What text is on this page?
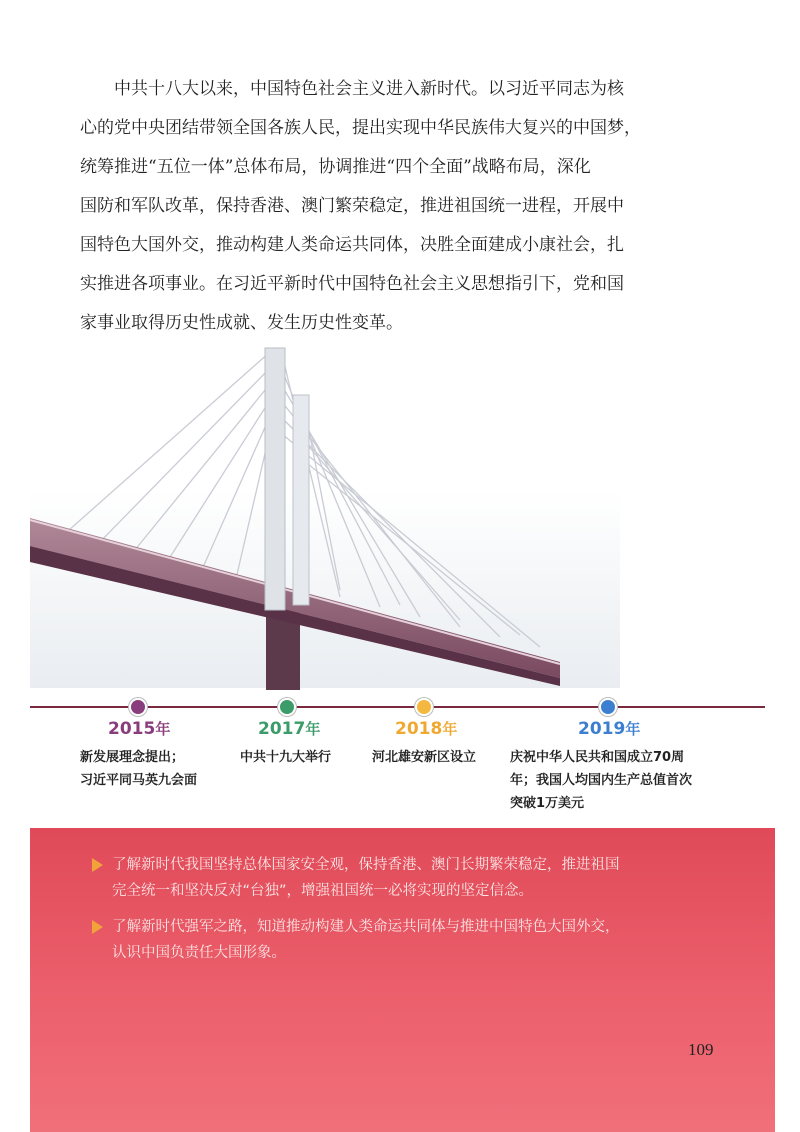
中共十八大以来，中国特色社会主义进入新时代。以习近平同志为核
心的党中央团结带领全国各族人民，提出实现中华民族伟大复兴的中国梦，
统筹推进“五位一体”总体布局，协调推进“四个全面”战略布局，深化
国防和军队改革，保持香港、澳门繁荣稳定，推进祖国统一进程，开展中
国特色大国外交，推动构建人类命运共同体，决胜全面建成小康社会，扎
实推进各项事业。在习近平新时代中国特色社会主义思想指引下，党和国
家事业取得历史性成就、发生历史性变革。
2015年
新发展理念提出；
习近平同马英九会面
2017年
中共十九大举行
2018年
河北雄安新区设立
2019年
庆祝中华人民共和国成立70周
年；我国人均国内生产总值首次
突破1万美元
了解新时代我国坚持总体国家安全观，保持香港、澳门长期繁荣稳定，推进祖国
完全统一和坚决反对“台独”，增强祖国统一必将实现的坚定信念。
了解新时代强军之路，知道推动构建人类命运共同体与推进中国特色大国外交，
认识中国负责任大国形象。
109
